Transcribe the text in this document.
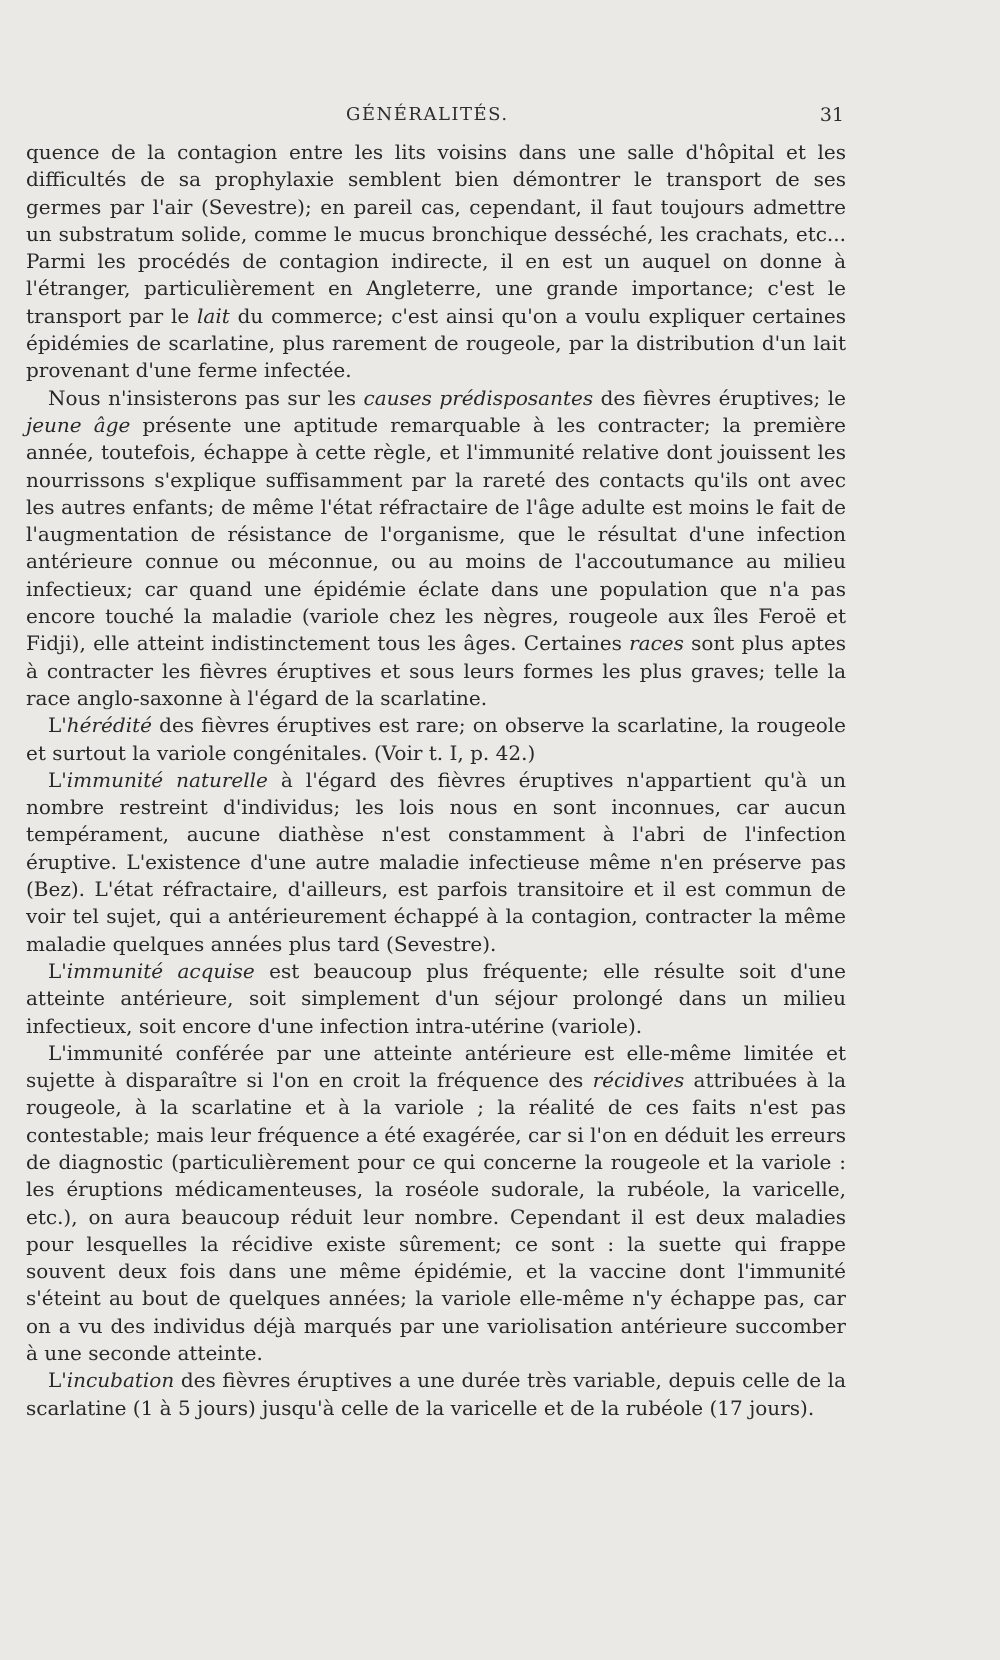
GÉNÉRALITÉS.	31

quence de la contagion entre les lits voisins dans une salle d'hôpital et les difficultés de sa prophylaxie semblent bien démontrer le transport de ses germes par l'air (Sevestre); en pareil cas, cependant, il faut toujours admettre un substratum solide, comme le mucus bronchique desséché, les crachats, etc... Parmi les procédés de contagion indirecte, il en est un auquel on donne à l'étranger, particulièrement en Angleterre, une grande importance; c'est le transport par le lait du commerce; c'est ainsi qu'on a voulu expliquer certaines épidémies de scarlatine, plus rarement de rougeole, par la distribution d'un lait provenant d'une ferme infectée.

Nous n'insisterons pas sur les causes prédisposantes des fièvres éruptives; le jeune âge présente une aptitude remarquable à les contracter; la première année, toutefois, échappe à cette règle, et l'immunité relative dont jouissent les nourrissons s'explique suffisamment par la rareté des contacts qu'ils ont avec les autres enfants; de même l'état réfractaire de l'âge adulte est moins le fait de l'augmentation de résistance de l'organisme, que le résultat d'une infection antérieure connue ou méconnue, ou au moins de l'accoutumance au milieu infectieux; car quand une épidémie éclate dans une population que n'a pas encore touché la maladie (variole chez les nègres, rougeole aux îles Feroë et Fidji), elle atteint indistinctement tous les âges. Certaines races sont plus aptes à contracter les fièvres éruptives et sous leurs formes les plus graves; telle la race anglo-saxonne à l'égard de la scarlatine.

L'hérédité des fièvres éruptives est rare; on observe la scarlatine, la rougeole et surtout la variole congénitales. (Voir t. I, p. 42.)

L'immunité naturelle à l'égard des fièvres éruptives n'appartient qu'à un nombre restreint d'individus; les lois nous en sont inconnues, car aucun tempérament, aucune diathèse n'est constamment à l'abri de l'infection éruptive. L'existence d'une autre maladie infectieuse même n'en préserve pas (Bez). L'état réfractaire, d'ailleurs, est parfois transitoire et il est commun de voir tel sujet, qui a antérieurement échappé à la contagion, contracter la même maladie quelques années plus tard (Sevestre).

L'immunité acquise est beaucoup plus fréquente; elle résulte soit d'une atteinte antérieure, soit simplement d'un séjour prolongé dans un milieu infectieux, soit encore d'une infection intra-utérine (variole).

L'immunité conférée par une atteinte antérieure est elle-même limitée et sujette à disparaître si l'on en croit la fréquence des récidives attribuées à la rougeole, à la scarlatine et à la variole ; la réalité de ces faits n'est pas contestable; mais leur fréquence a été exagérée, car si l'on en déduit les erreurs de diagnostic (particulièrement pour ce qui concerne la rougeole et la variole : les éruptions médicamenteuses, la roséole sudorale, la rubéole, la varicelle, etc.), on aura beaucoup réduit leur nombre. Cependant il est deux maladies pour lesquelles la récidive existe sûrement; ce sont : la suette qui frappe souvent deux fois dans une même épidémie, et la vaccine dont l'immunité s'éteint au bout de quelques années; la variole elle-même n'y échappe pas, car on a vu des individus déjà marqués par une variolisation antérieure succomber à une seconde atteinte.

L'incubation des fièvres éruptives a une durée très variable, depuis celle de la scarlatine (1 à 5 jours) jusqu'à celle de la varicelle et de la rubéole (17 jours).
